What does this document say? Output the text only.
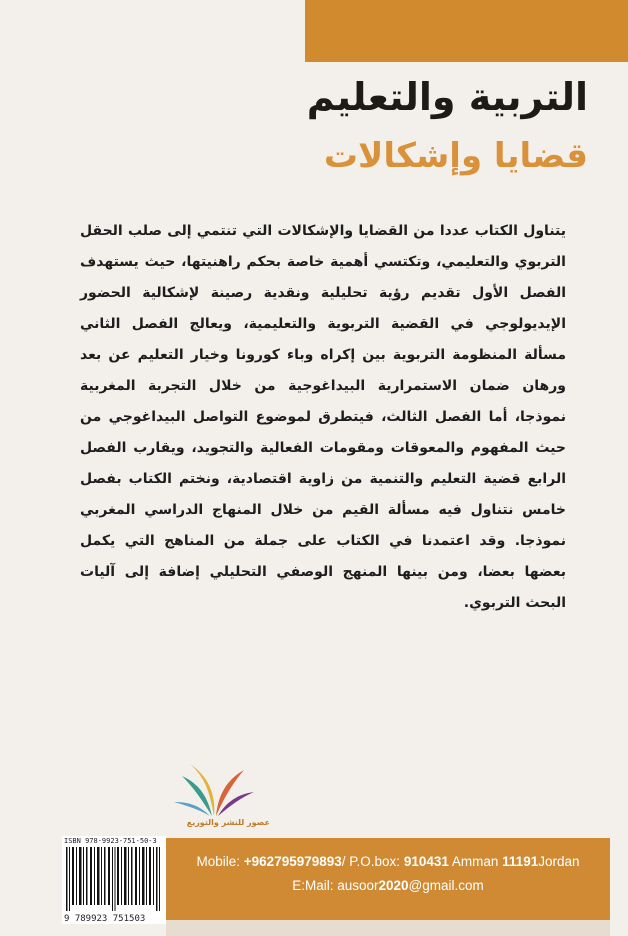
التربية والتعليم
قضايا وإشكالات
يتناول الكتاب عددا من القضايا والإشكالات التي تنتمي إلى صلب الحقل التربوي والتعليمي، وتكتسي أهمية خاصة بحكم راهنيتها، حيث يستهدف الفصل الأول تقديم رؤية تحليلية ونقدية رصينة لإشكالية الحضور الإيديولوجي في القضية التربوية والتعليمية، ويعالج الفصل الثاني مسألة المنظومة التربوية بين إكراه وباء كورونا وخيار التعليم عن بعد ورهان ضمان الاستمرارية البيداغوجية من خلال التجربة المغربية نموذجا، أما الفصل الثالث، فيتطرق لموضوع التواصل البيداغوجي من حيث المفهوم والمعوقات ومقومات الفعالية والتجويد، ويقارب الفصل الرابع قضية التعليم والتنمية من زاوية اقتصادية، ونختم الكتاب بفصل خامس نتناول فيه مسألة القيم من خلال المنهاج الدراسي المغربي نموذجا. وقد اعتمدنا في الكتاب على جملة من المناهج التي يكمل بعضها بعضا، ومن بينها المنهج الوصفي التحليلي إضافة إلى آليات البحث التربوي.
عصور للنشر والتوزيع
ISBN 978-9923-751-50-3
9 789923 751503
Mobile: +962795979893/ P.O.box: 910431 Amman 11191Jordan
E:Mail: ausoor2020@gmail.com
